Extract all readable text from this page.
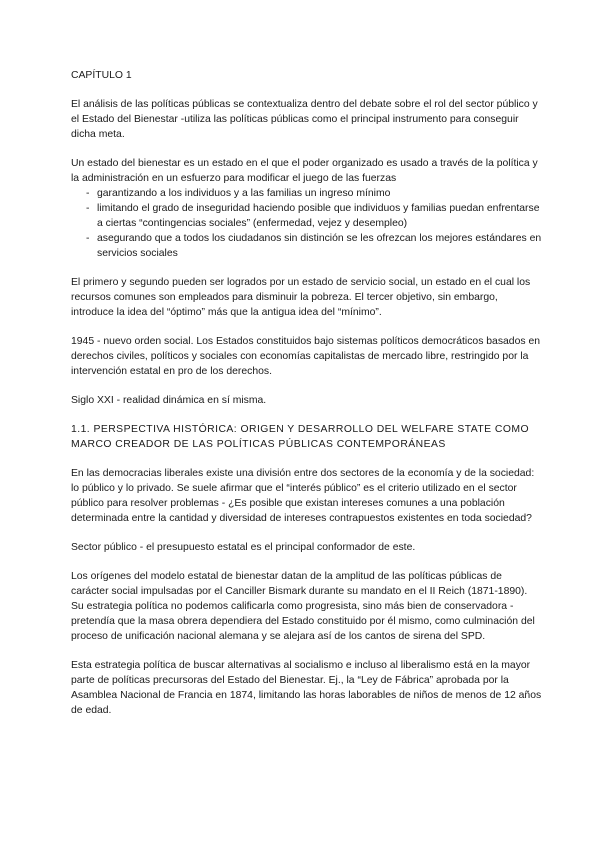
CAPÍTULO 1

El análisis de las políticas públicas se contextualiza dentro del debate sobre el rol del sector público y el Estado del Bienestar -utiliza las políticas públicas como el principal instrumento para conseguir dicha meta.

Un estado del bienestar es un estado en el que el poder organizado es usado a través de la política y la administración en un esfuerzo para modificar el juego de las fuerzas

- garantizando a los individuos y a las familias un ingreso mínimo
- limitando el grado de inseguridad haciendo posible que individuos y familias puedan enfrentarse a ciertas “contingencias sociales” (enfermedad, vejez y desempleo)
- asegurando que a todos los ciudadanos sin distinción se les ofrezcan los mejores estándares en servicios sociales

El primero y segundo pueden ser logrados por un estado de servicio social, un estado en el cual los recursos comunes son empleados para disminuir la pobreza. El tercer objetivo, sin embargo, introduce la idea del “óptimo” más que la antigua idea del “mínimo”.

1945 - nuevo orden social. Los Estados constituidos bajo sistemas políticos democráticos basados en derechos civiles, políticos y sociales con economías capitalistas de mercado libre, restringido por la intervención estatal en pro de los derechos.

Siglo XXI - realidad dinámica en sí misma.

1.1. PERSPECTIVA HISTÓRICA: ORIGEN Y DESARROLLO DEL WELFARE STATE COMO MARCO CREADOR DE LAS POLÍTICAS PÚBLICAS CONTEMPORÁNEAS

En las democracias liberales existe una división entre dos sectores de la economía y de la sociedad: lo público y lo privado. Se suele afirmar que el “interés público” es el criterio utilizado en el sector público para resolver problemas - ¿Es posible que existan intereses comunes a una población determinada entre la cantidad y diversidad de intereses contrapuestos existentes en toda sociedad?

Sector público - el presupuesto estatal es el principal conformador de este.

Los orígenes del modelo estatal de bienestar datan de la amplitud de las políticas públicas de carácter social impulsadas por el Canciller Bismark durante su mandato en el II Reich (1871-1890). Su estrategia política no podemos calificarla como progresista, sino más bien de conservadora - pretendía que la masa obrera dependiera del Estado constituido por él mismo, como culminación del proceso de unificación nacional alemana y se alejara así de los cantos de sirena del SPD.

Esta estrategia política de buscar alternativas al socialismo e incluso al liberalismo está en la mayor parte de políticas precursoras del Estado del Bienestar. Ej., la “Ley de Fábrica” aprobada por la Asamblea Nacional de Francia en 1874, limitando las horas laborables de niños de menos de 12 años de edad.
